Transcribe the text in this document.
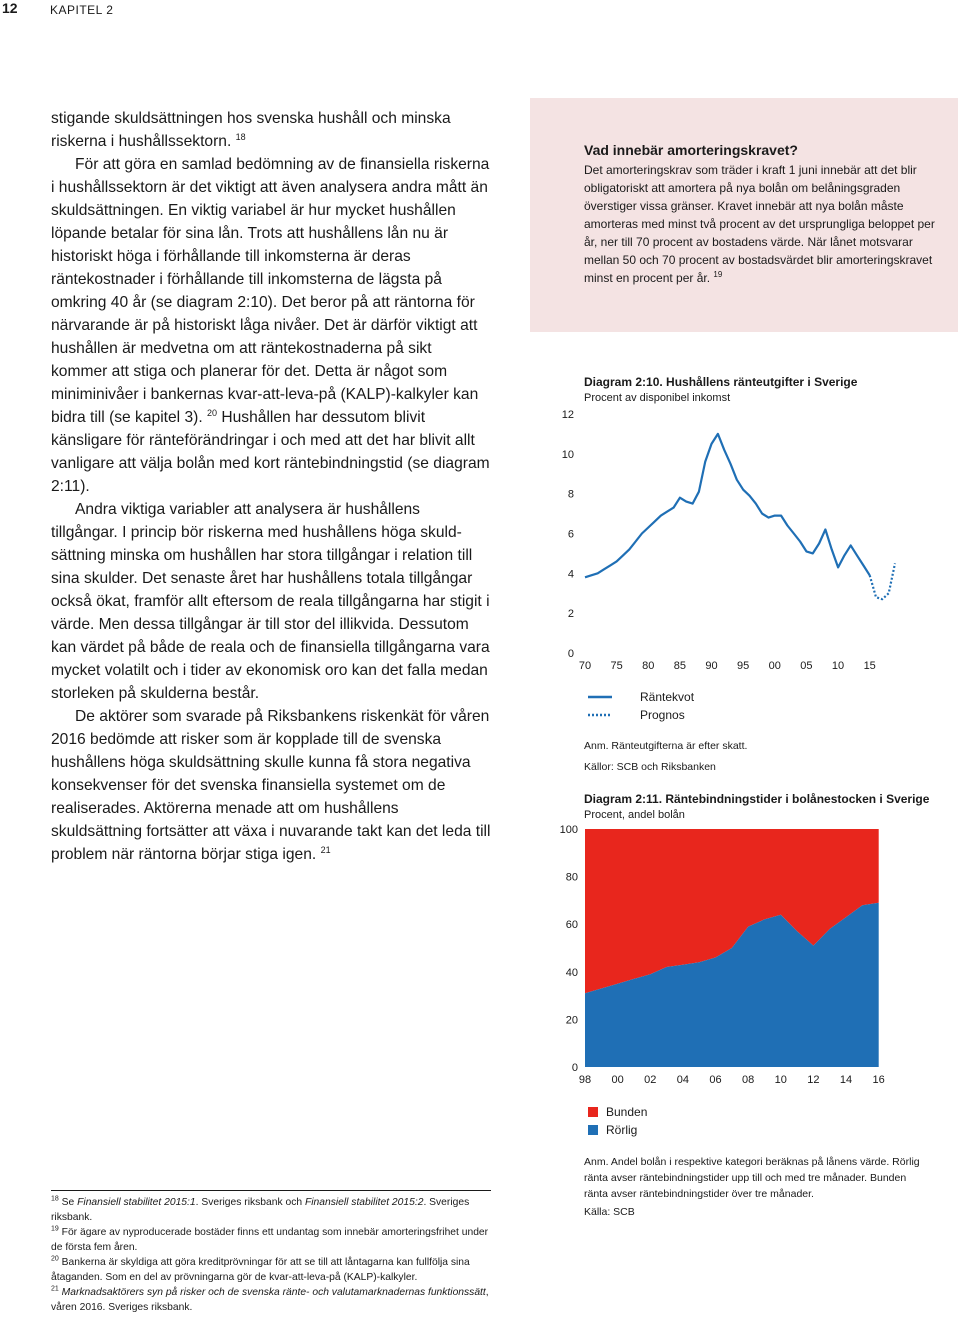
12	KAPITEL 2

stigande skuldsättningen hos svenska hushåll och minska riskerna i hushållssektorn. $^{18}$

För att göra en samlad bedömning av de finansiella riskerna i hushållssektorn är det viktigt att även analysera andra mått än skuldsättningen. En viktig variabel är hur mycket hushållen löpande betalar för sina lån. Trots att hushållens lån nu är historiskt höga i förhållande till inkomsterna är deras räntekostnader i förhållande till inkomsterna de lägsta på omkring 40 år (se diagram 2:10). Det beror på att räntorna för närvarande är på historiskt låga nivåer. Det är därför viktigt att hushållen är medvetna om att räntekostnaderna på sikt kommer att stiga och planerar för det. Detta är något som miniminivåer i bankernas kvar-att-leva-på (KALP)-kalkyler kan bidra till (se kapitel 3). $^{20}$ Hushållen har dessutom blivit känsligare för ränteförändringar i och med att det har blivit allt vanligare att välja bolån med kort räntebindningstid (se diagram 2:11).

Andra viktiga variabler att analysera är hushållens tillgångar. I princip bör riskerna med hushållens höga skuld-sättning minska om hushållen har stora tillgångar i relation till sina skulder. Det senaste året har hushållens totala tillgångar också ökat, framför allt eftersom de reala tillgångarna har stigit i värde. Men dessa tillgångar är till stor del illikvida. Dessutom kan värdet på både de reala och de finansiella tillgångarna vara mycket volatilt och i tider av ekonomisk oro kan det falla medan storleken på skulderna består.

De aktörer som svarade på Riksbankens riskenkät för våren 2016 bedömde att risker som är kopplade till de svenska hushållens höga skuldsättning skulle kunna få stora negativa konsekvenser för det svenska finansiella systemet om de realiserades. Aktörerna menade att om hushållens skuldsättning fortsätter att växa i nuvarande takt kan det leda till problem när räntorna börjar stiga igen. $^{21}$

Vad innebär amorteringskravet?

Det amorteringskrav som träder i kraft 1 juni innebär att det blir obligatoriskt att amortera på nya bolån om belåningsgraden överstiger vissa gränser. Kravet innebär att nya bolån måste amorteras med minst två procent av det ursprungliga beloppet per år, ner till 70 procent av bostadens värde. När lånet motsvarar mellan 50 och 70 procent av bostadsvärdet blir amorteringskravet minst en procent per år. $^{19}$

Diagram 2:10. Hushållens ränteutgifter i Sverige
Procent av disponibel inkomst
12
10
8
6
4
2
0
70 75 80 85 90 95 00 05 10 15
Räntekvot
Prognos
Anm. Ränteutgifterna är efter skatt.
Källor: SCB och Riksbanken
Diagram 2:11. Räntebindningstider i bolånestocken i Sverige
Procent, andel bolån
100
80
60
40
20
0
98 00 02 04 06 08 10 12 14 16
Bunden
Rörlig
Anm. Andel bolån i respektive kategori beräknas på lånens värde. Rörlig ränta avser räntebindningstider upp till och med tre månader. Bunden ränta avser räntebindningstider över tre månader.
Källa: SCB

$^{18}$ Se Finansiell stabilitet 2015:1. Sveriges riksbank och Finansiell stabilitet 2015:2. Sveriges riksbank.

$^{19}$ För ägare av nyproducerade bostäder finns ett undantag som innebär amorteringsfrihet under de första fem åren.

$^{20}$ Bankerna är skyldiga att göra kreditprövningar för att se till att låntagarna kan fullfölja sina åtaganden. Som en del av prövningarna gör de kvar-att-leva-på (KALP)-kalkyler.

$^{21}$ Marknadsaktörers syn på risker och de svenska ränte- och valutamarknadernas funktionssätt, våren 2016. Sveriges riksbank.
